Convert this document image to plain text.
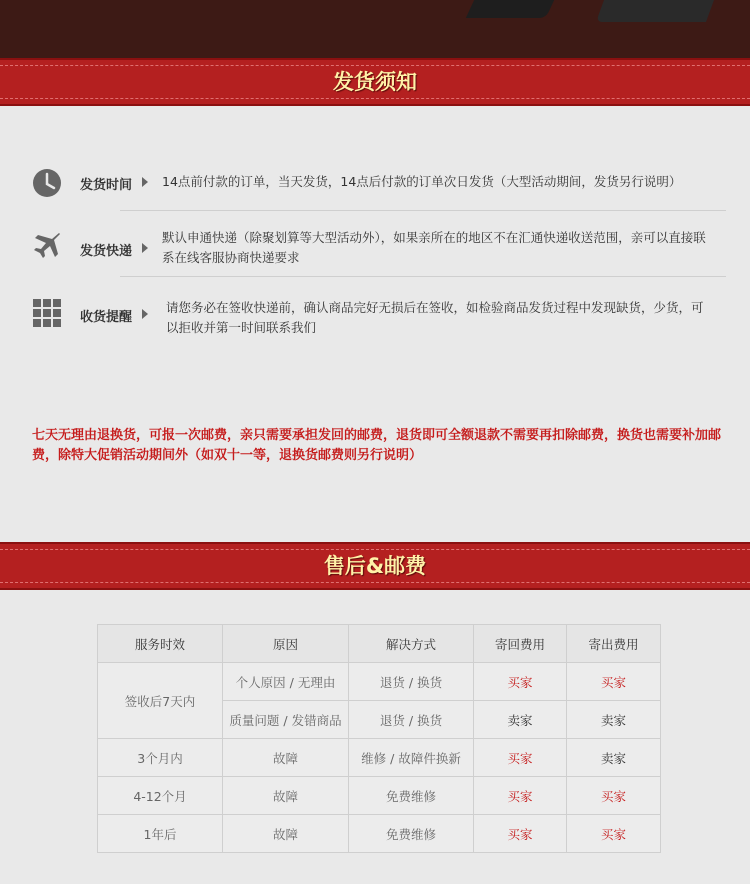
发货须知
发货时间 14点前付款的订单，当天发货，14点后付款的订单次日发货（大型活动期间，发货另行说明）
发货快递
默认申通快递（除聚划算等大型活动外），如果亲所在的地区不在汇通快递收送范围，亲可以直接联系在线客服协商快递要求
收货提醒
请您务必在签收快递前，确认商品完好无损后在签收，如检验商品发货过程中发现缺货，少货，可以拒收并第一时间联系我们
七天无理由退换货，可报一次邮费，亲只需要承担发回的邮费，退货即可全额退款不需要再扣除邮费，换货也需要补加邮费，除特大促销活动期间外（如双十一等，退换货邮费则另行说明）
售后&邮费
服务时效	原因	解决方式	寄回费用	寄出费用
签收后7天内	个人原因 / 无理由	退货 / 换货	买家	买家
	质量问题 / 发错商品	退货 / 换货	卖家	卖家
3个月内	故障	维修 / 故障件换新	买家	卖家
4-12个月	故障	免费维修	买家	买家
1年后	故障	免费维修	买家	买家
